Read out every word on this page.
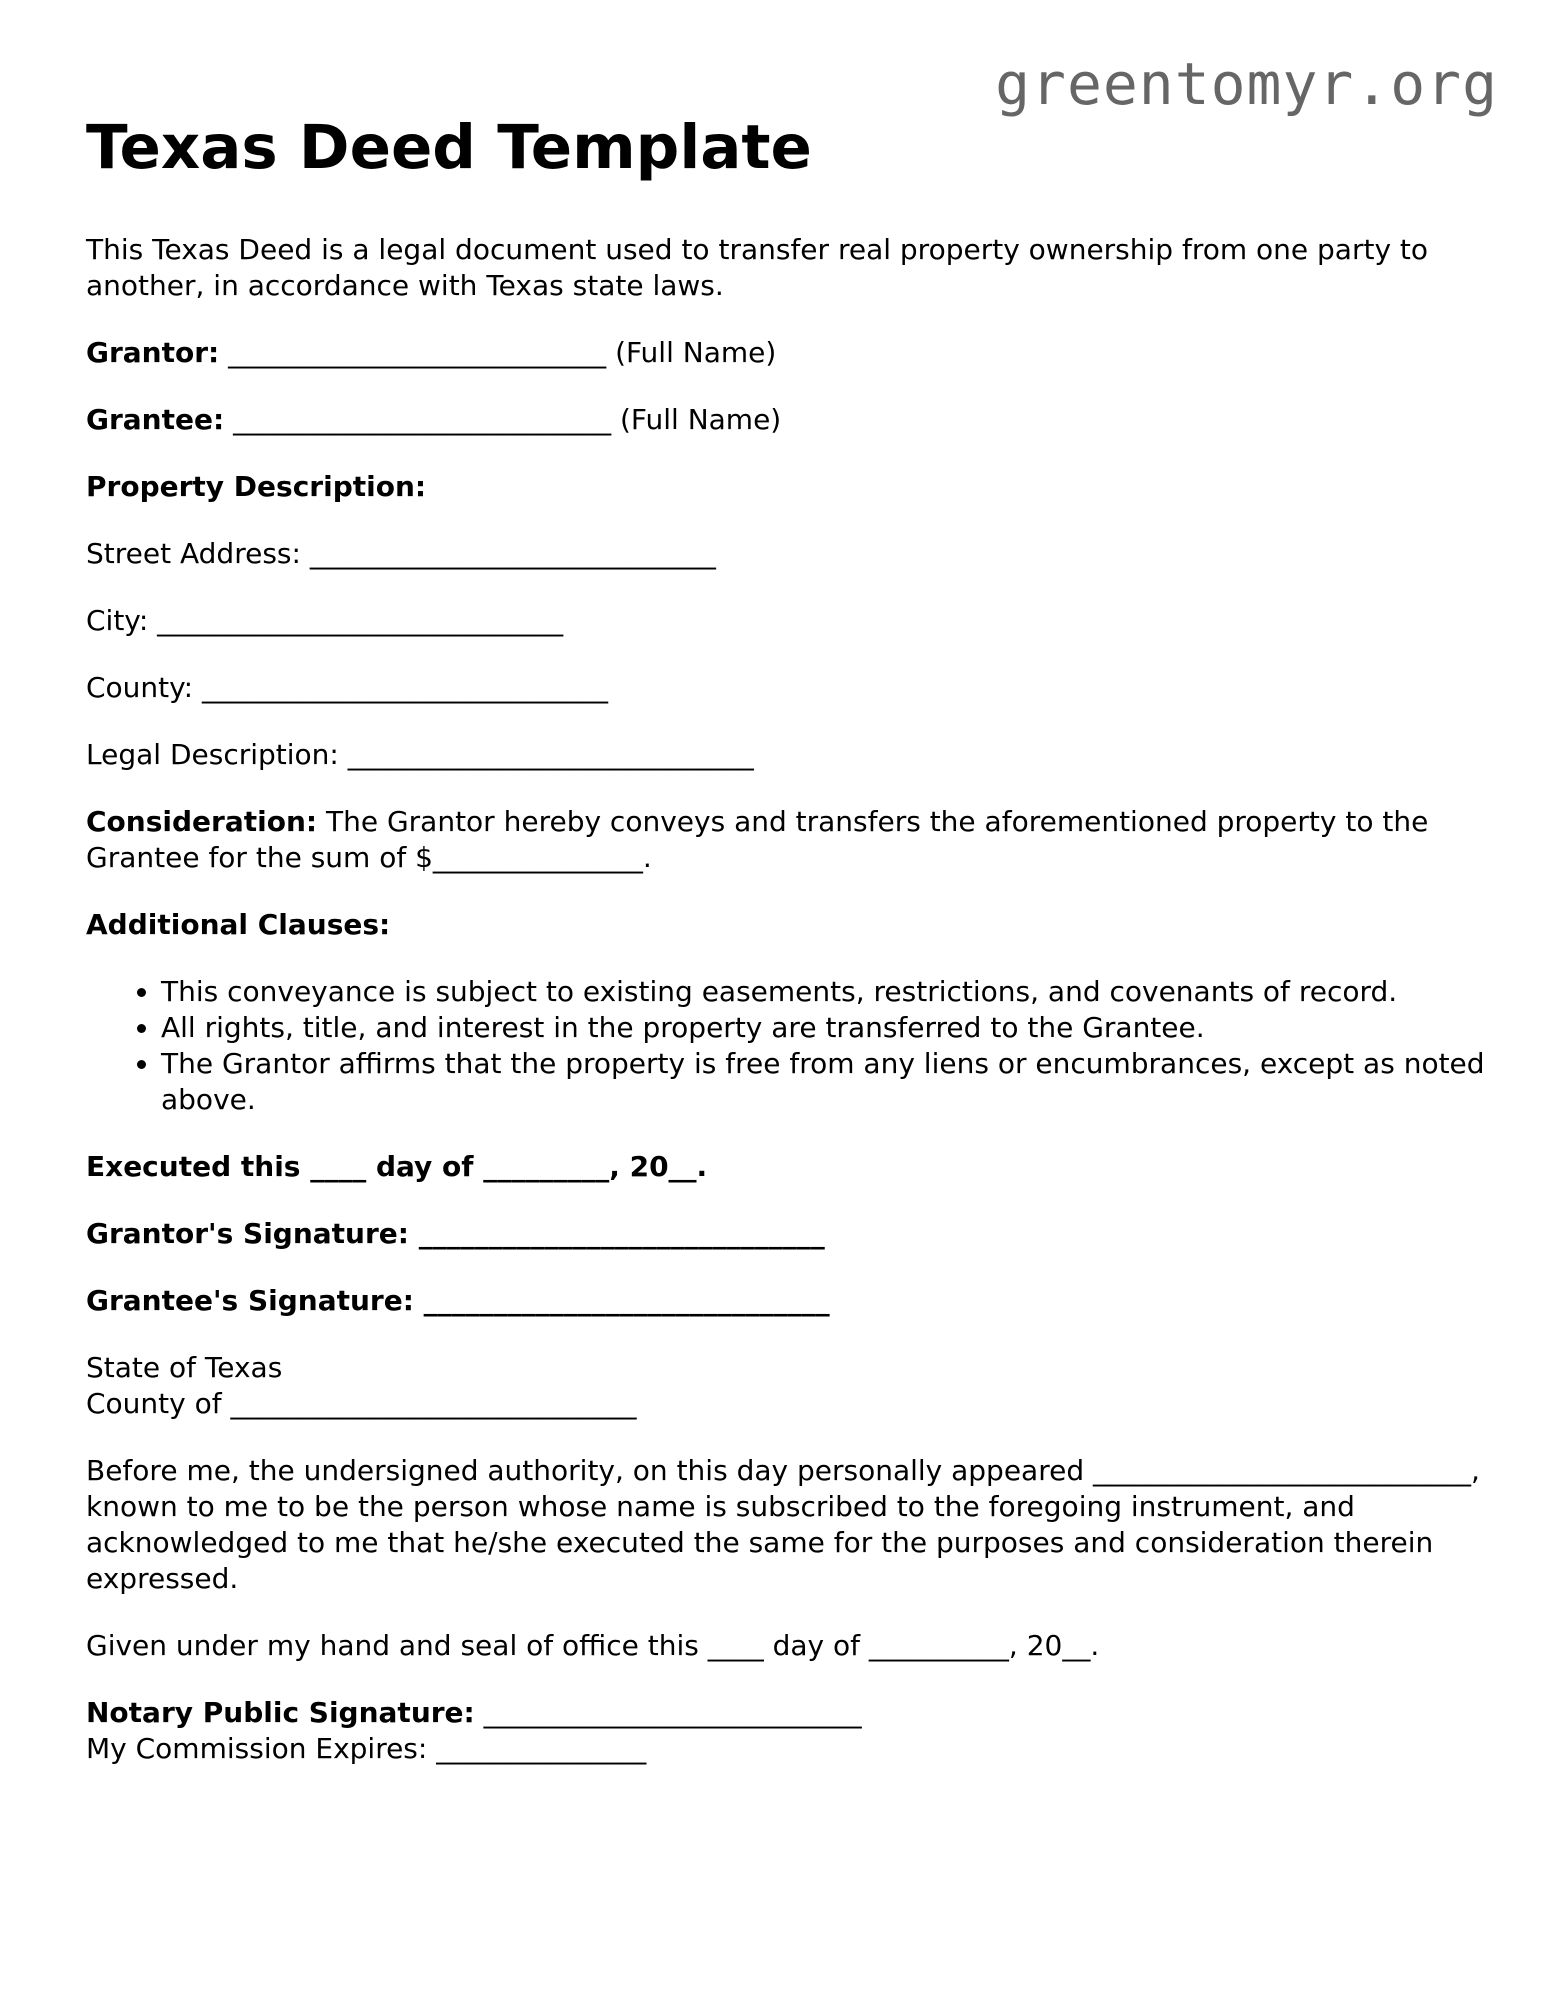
greentomyr.org
Texas Deed Template

This Texas Deed is a legal document used to transfer real property ownership from one party to another, in accordance with Texas state laws.

Grantor: ___________________________ (Full Name)

Grantee: ___________________________ (Full Name)

Property Description:

Street Address: _____________________________

City: _____________________________

County: _____________________________

Legal Description: _____________________________

Consideration: The Grantor hereby conveys and transfers the aforementioned property to the Grantee for the sum of $_______________.

Additional Clauses:

• This conveyance is subject to existing easements, restrictions, and covenants of record.
• All rights, title, and interest in the property are transferred to the Grantee.
• The Grantor affirms that the property is free from any liens or encumbrances, except as noted above.

Executed this ____ day of _________, 20__.

Grantor's Signature: _____________________________

Grantee's Signature: _____________________________

State of Texas
County of _____________________________

Before me, the undersigned authority, on this day personally appeared ___________________________, known to me to be the person whose name is subscribed to the foregoing instrument, and acknowledged to me that he/she executed the same for the purposes and consideration therein expressed.

Given under my hand and seal of office this ____ day of __________, 20__.

Notary Public Signature: ___________________________
My Commission Expires: _______________
